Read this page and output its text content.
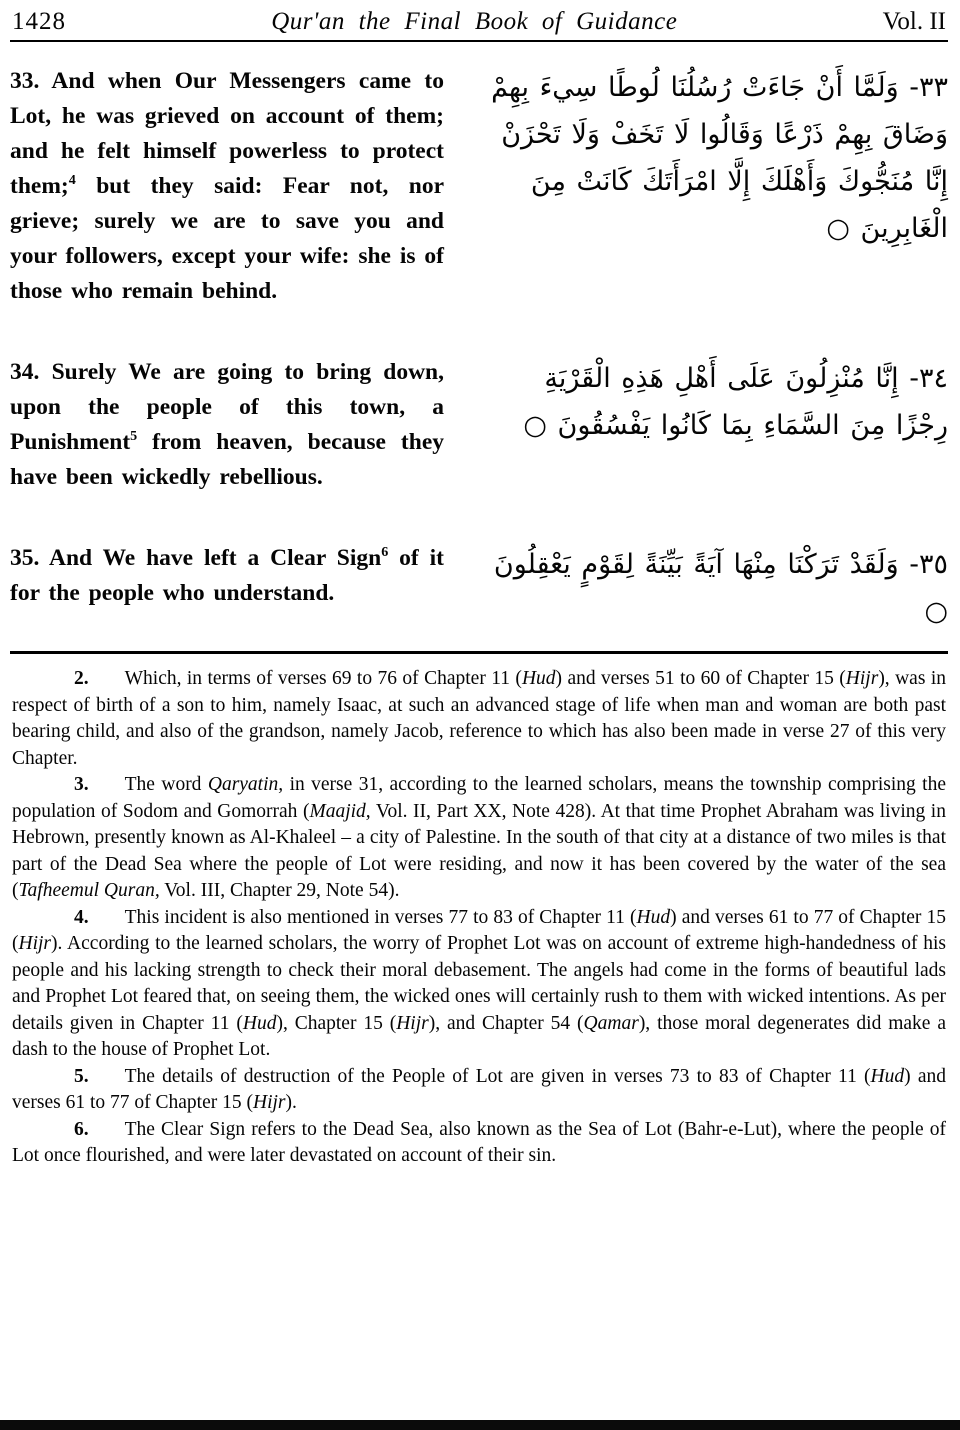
1428	Qur'an the Final Book of Guidance	Vol. II

33. And when Our Messengers came to Lot, he was grieved on account of them; and he felt himself powerless to protect them;$^4$ but they said: Fear not, nor grieve; surely we are to save you and your followers, except your wife: she is of those who remain behind.

٣٣- وَلَمَّا أَنْ جَاءَتْ رُسُلُنَا لُوطًا سِيءَ بِهِمْ وَضَاقَ بِهِمْ ذَرْعًا وَقَالُوا لَا تَخَفْ وَلَا تَحْزَنْ إِنَّا مُنَجُّوكَ وَأَهْلَكَ إِلَّا امْرَأَتَكَ كَانَتْ مِنَ الْغَابِرِينَ ○

34. Surely We are going to bring down, upon the people of this town, a Punishment$^5$ from heaven, because they have been wickedly rebellious.

٣٤- إِنَّا مُنْزِلُونَ عَلَى أَهْلِ هَذِهِ الْقَرْيَةِ رِجْزًا مِنَ السَّمَاءِ بِمَا كَانُوا يَفْسُقُونَ ○

35. And We have left a Clear Sign$^6$ of it for the people who understand.

٣٥- وَلَقَدْ تَرَكْنَا مِنْهَا آيَةً بَيِّنَةً لِقَوْمٍ يَعْقِلُونَ ○

2. Which, in terms of verses 69 to 76 of Chapter 11 (Hud) and verses 51 to 60 of Chapter 15 (Hijr), was in respect of birth of a son to him, namely Isaac, at such an advanced stage of life when man and woman are both past bearing child, and also of the grandson, namely Jacob, reference to which has also been made in verse 27 of this very Chapter.

3. The word Qaryatin, in verse 31, according to the learned scholars, means the township comprising the population of Sodom and Gomorrah (Maajid, Vol. II, Part XX, Note 428). At that time Prophet Abraham was living in Hebrown, presently known as Al-Khaleel – a city of Palestine. In the south of that city at a distance of two miles is that part of the Dead Sea where the people of Lot were residing, and now it has been covered by the water of the sea (Tafheemul Quran, Vol. III, Chapter 29, Note 54).

4. This incident is also mentioned in verses 77 to 83 of Chapter 11 (Hud) and verses 61 to 77 of Chapter 15 (Hijr). According to the learned scholars, the worry of Prophet Lot was on account of extreme high-handedness of his people and his lacking strength to check their moral debasement. The angels had come in the forms of beautiful lads and Prophet Lot feared that, on seeing them, the wicked ones will certainly rush to them with wicked intentions. As per details given in Chapter 11 (Hud), Chapter 15 (Hijr), and Chapter 54 (Qamar), those moral degenerates did make a dash to the house of Prophet Lot.

5. The details of destruction of the People of Lot are given in verses 73 to 83 of Chapter 11 (Hud) and verses 61 to 77 of Chapter 15 (Hijr).

6. The Clear Sign refers to the Dead Sea, also known as the Sea of Lot (Bahr-e-Lut), where the people of Lot once flourished, and were later devastated on account of their sin.
